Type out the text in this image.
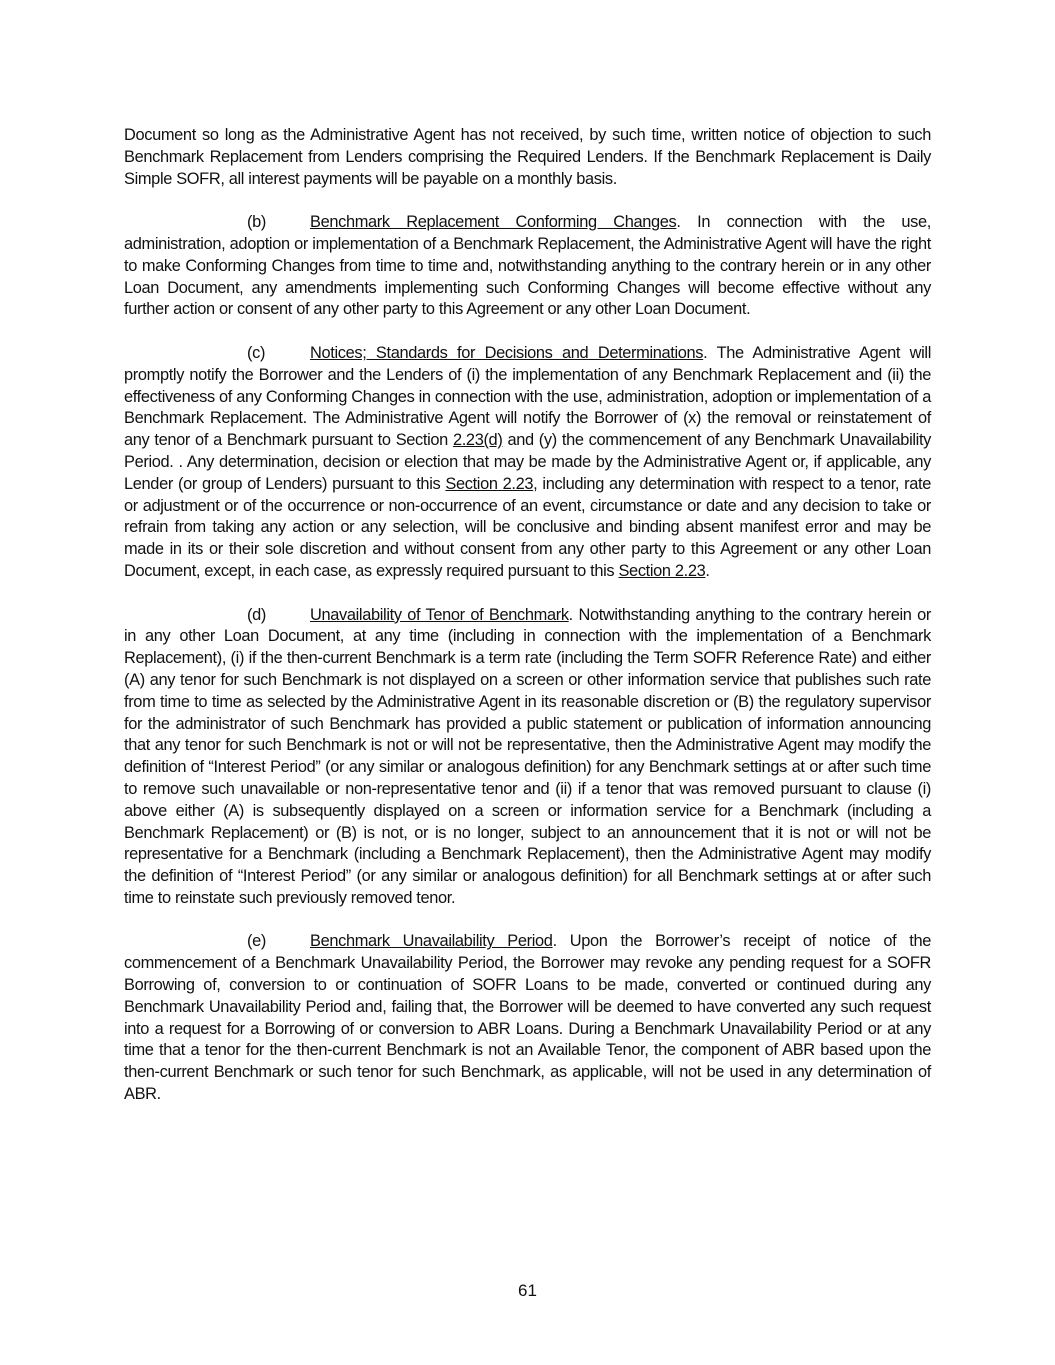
Document so long as the Administrative Agent has not received, by such time, written notice of objection to such Benchmark Replacement from Lenders comprising the Required Lenders. If the Benchmark Replacement is Daily Simple SOFR, all interest payments will be payable on a monthly basis.

(b)	Benchmark Replacement Conforming Changes. In connection with the use, administration, adoption or implementation of a Benchmark Replacement, the Administrative Agent will have the right to make Conforming Changes from time to time and, notwithstanding anything to the contrary herein or in any other Loan Document, any amendments implementing such Conforming Changes will become effective without any further action or consent of any other party to this Agreement or any other Loan Document.

(c)	Notices; Standards for Decisions and Determinations. The Administrative Agent will promptly notify the Borrower and the Lenders of (i) the implementation of any Benchmark Replacement and (ii) the effectiveness of any Conforming Changes in connection with the use, administration, adoption or implementation of a Benchmark Replacement. The Administrative Agent will notify the Borrower of (x) the removal or reinstatement of any tenor of a Benchmark pursuant to Section 2.23(d) and (y) the commencement of any Benchmark Unavailability Period. . Any determination, decision or election that may be made by the Administrative Agent or, if applicable, any Lender (or group of Lenders) pursuant to this Section 2.23, including any determination with respect to a tenor, rate or adjustment or of the occurrence or non-occurrence of an event, circumstance or date and any decision to take or refrain from taking any action or any selection, will be conclusive and binding absent manifest error and may be made in its or their sole discretion and without consent from any other party to this Agreement or any other Loan Document, except, in each case, as expressly required pursuant to this Section 2.23.

(d)	Unavailability of Tenor of Benchmark. Notwithstanding anything to the contrary herein or in any other Loan Document, at any time (including in connection with the implementation of a Benchmark Replacement), (i) if the then-current Benchmark is a term rate (including the Term SOFR Reference Rate) and either (A) any tenor for such Benchmark is not displayed on a screen or other information service that publishes such rate from time to time as selected by the Administrative Agent in its reasonable discretion or (B) the regulatory supervisor for the administrator of such Benchmark has provided a public statement or publication of information announcing that any tenor for such Benchmark is not or will not be representative, then the Administrative Agent may modify the definition of “Interest Period” (or any similar or analogous definition) for any Benchmark settings at or after such time to remove such unavailable or non-representative tenor and (ii) if a tenor that was removed pursuant to clause (i) above either (A) is subsequently displayed on a screen or information service for a Benchmark (including a Benchmark Replacement) or (B) is not, or is no longer, subject to an announcement that it is not or will not be representative for a Benchmark (including a Benchmark Replacement), then the Administrative Agent may modify the definition of “Interest Period” (or any similar or analogous definition) for all Benchmark settings at or after such time to reinstate such previously removed tenor.

(e)	Benchmark Unavailability Period. Upon the Borrower’s receipt of notice of the commencement of a Benchmark Unavailability Period, the Borrower may revoke any pending request for a SOFR Borrowing of, conversion to or continuation of SOFR Loans to be made, converted or continued during any Benchmark Unavailability Period and, failing that, the Borrower will be deemed to have converted any such request into a request for a Borrowing of or conversion to ABR Loans. During a Benchmark Unavailability Period or at any time that a tenor for the then-current Benchmark is not an Available Tenor, the component of ABR based upon the then-current Benchmark or such tenor for such Benchmark, as applicable, will not be used in any determination of ABR.

61
